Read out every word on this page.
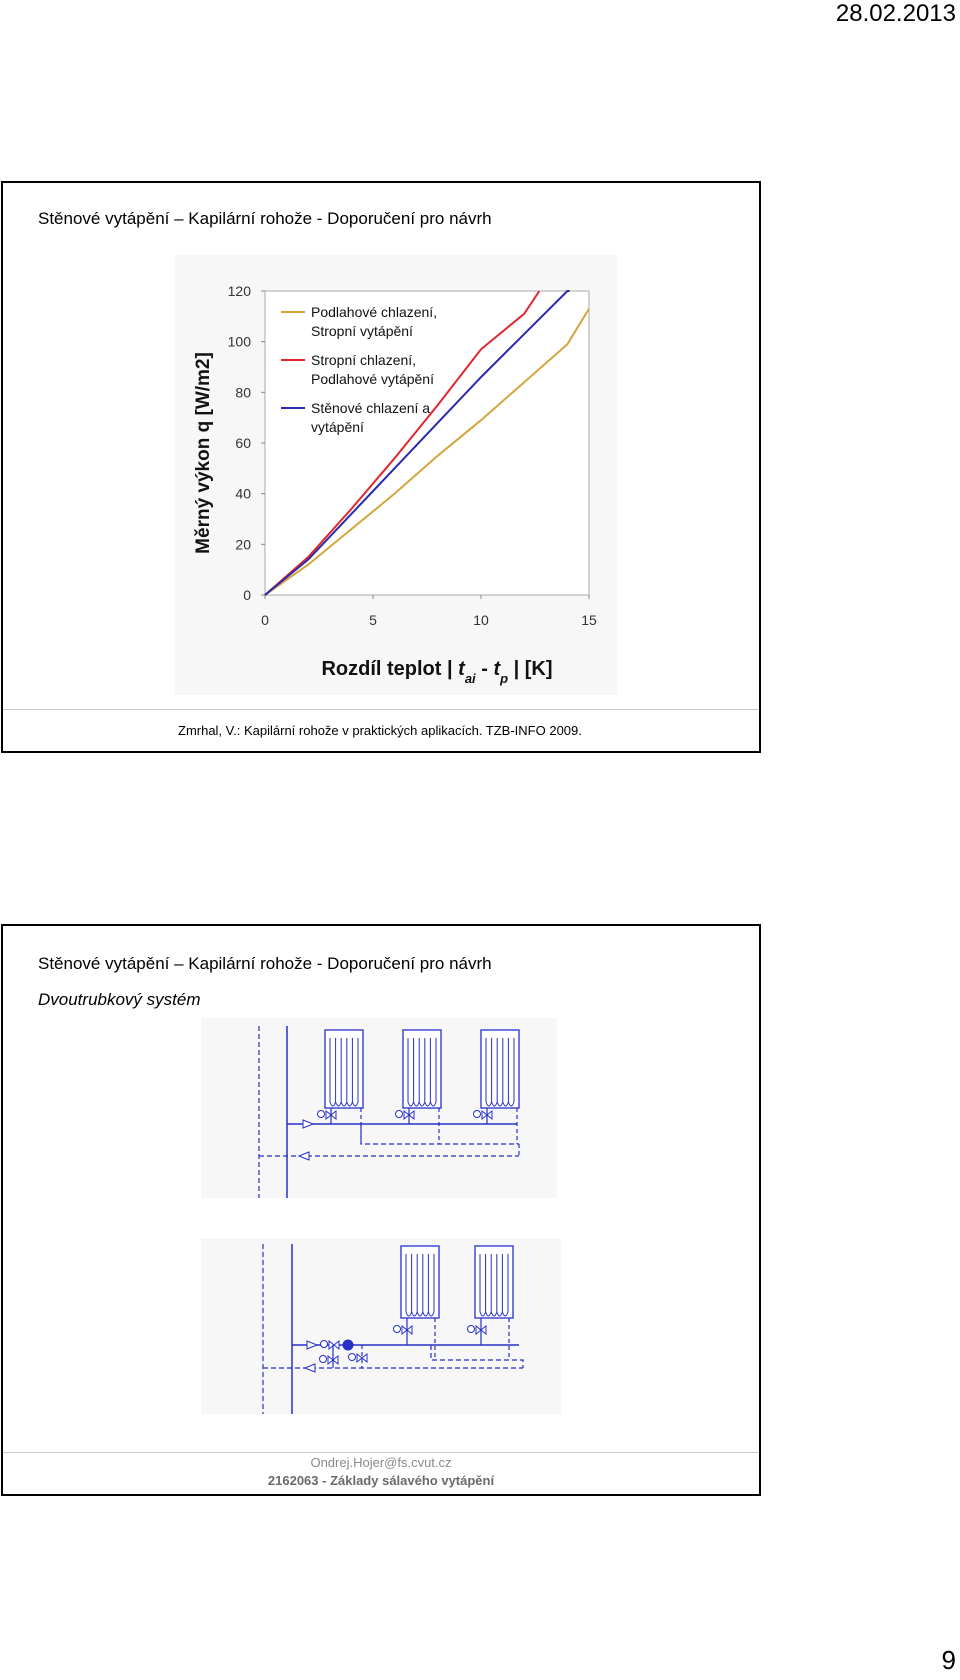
28.02.2013
Stěnové vytápění – Kapilární rohože - Doporučení pro návrh
0
20
40
60
80
100
120
0	5	10	15
Podlahové chlazení,
Stropní vytápění
Stropní chlazení,
Podlahové vytápění
Stěnové chlazení a
vytápění
Měrný výkon q [W/m2]
Rozdíl teplot | $t_{ai} - t_p$ | [K]
Zmrhal, V.: Kapilární rohože v praktických aplikacích. TZB-INFO 2009.
Stěnové vytápění – Kapilární rohože - Doporučení pro návrh
Dvoutrubkový systém
Ondrej.Hojer@fs.cvut.cz
2162063 - Základy sálavého vytápění
9
